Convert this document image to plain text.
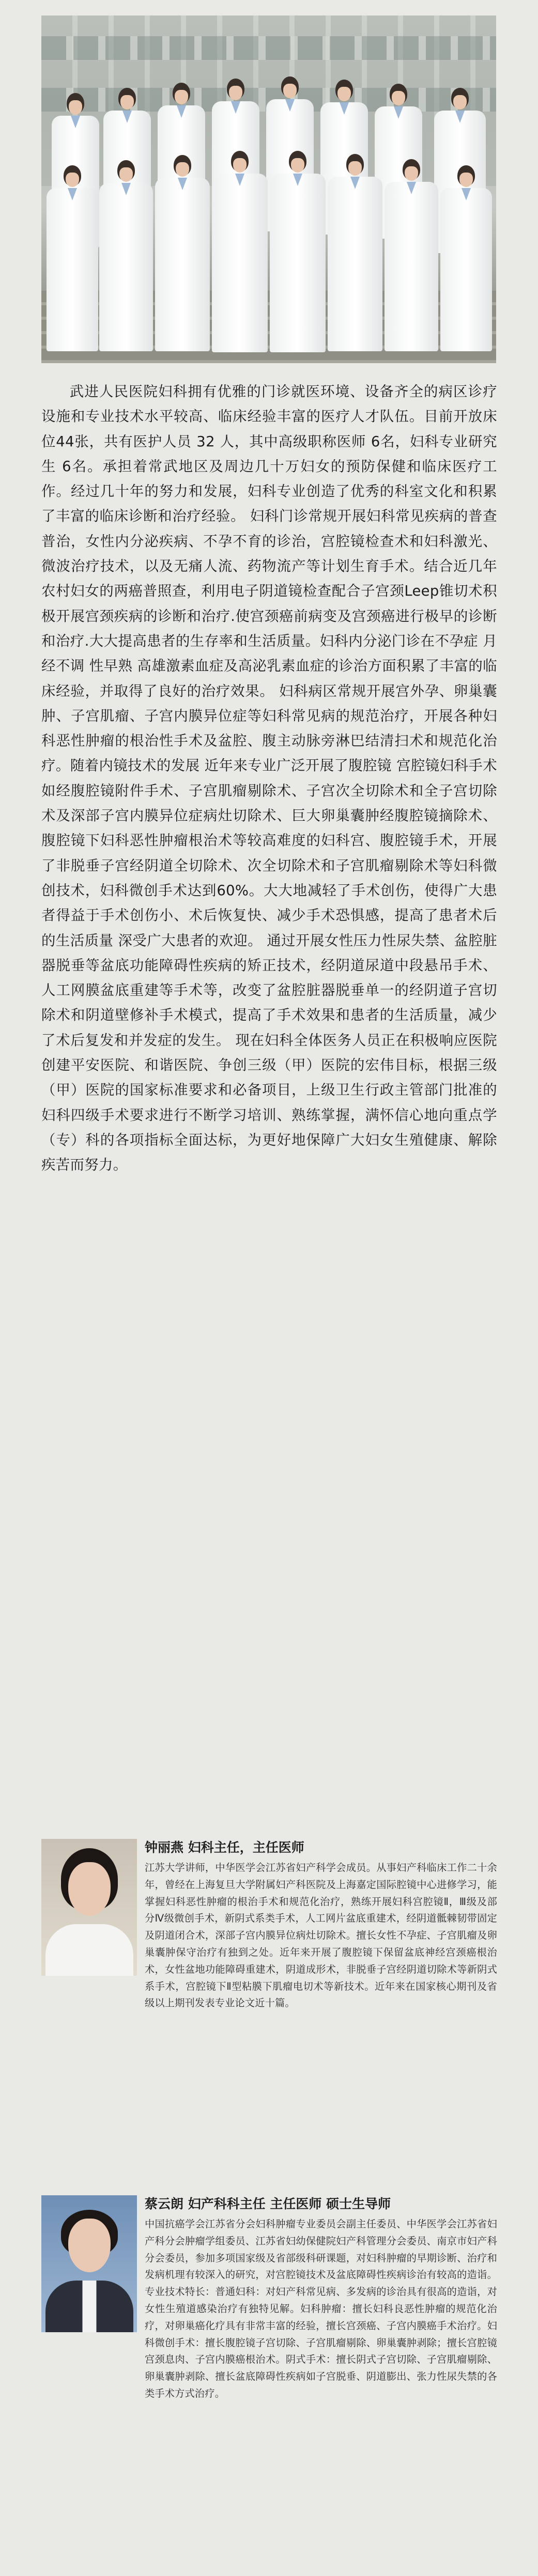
武进人民医院妇科拥有优雅的门诊就医环境、设备齐全的病区诊疗设施和专业技术水平较高、临床经验丰富的医疗人才队伍。目前开放床位44张，共有医护人员 32 人，其中高级职称医师 6名，妇科专业研究生 6名。承担着常武地区及周边几十万妇女的预防保健和临床医疗工作。经过几十年的努力和发展，妇科专业创造了优秀的科室文化和积累了丰富的临床诊断和治疗经验。 妇科门诊常规开展妇科常见疾病的普查普治，女性内分泌疾病、不孕不育的诊治，宫腔镜检查术和妇科激光、微波治疗技术，以及无痛人流、药物流产等计划生育手术。结合近几年农村妇女的两癌普照查，利用电子阴道镜检查配合子宫颈Leep锥切术积极开展宫颈疾病的诊断和治疗.使宫颈癌前病变及宫颈癌进行极早的诊断和治疗.大大提高患者的生存率和生活质量。妇科内分泌门诊在不孕症 月经不调 性早熟 高雄激素血症及高泌乳素血症的诊治方面积累了丰富的临床经验，并取得了良好的治疗效果。 妇科病区常规开展宫外孕、卵巢囊肿、子宫肌瘤、子宫内膜异位症等妇科常见病的规范治疗，开展各种妇科恶性肿瘤的根治性手术及盆腔、腹主动脉旁淋巴结清扫术和规范化治疗。随着内镜技术的发展 近年来专业广泛开展了腹腔镜 宫腔镜妇科手术 如经腹腔镜附件手术、子宫肌瘤剔除术、子宫次全切除术和全子宫切除术及深部子宫内膜异位症病灶切除术、巨大卵巢囊肿经腹腔镜摘除术、腹腔镜下妇科恶性肿瘤根治术等较高难度的妇科宫、腹腔镜手术，开展了非脱垂子宫经阴道全切除术、次全切除术和子宫肌瘤剔除术等妇科微创技术，妇科微创手术达到60%。大大地减轻了手术创伤，使得广大患者得益于手术创伤小、术后恢复快、减少手术恐惧感，提高了患者术后的生活质量 深受广大患者的欢迎。 通过开展女性压力性尿失禁、盆腔脏器脱垂等盆底功能障碍性疾病的矫正技术，经阴道尿道中段悬吊手术、人工网膜盆底重建等手术等，改变了盆腔脏器脱垂单一的经阴道子宫切除术和阴道壁修补手术模式，提高了手术效果和患者的生活质量，减少了术后复发和并发症的发生。 现在妇科全体医务人员正在积极响应医院创建平安医院、和谐医院、争创三级（甲）医院的宏伟目标，根据三级（甲）医院的国家标准要求和必备项目，上级卫生行政主管部门批准的妇科四级手术要求进行不断学习培训、熟练掌握，满怀信心地向重点学（专）科的各项指标全面达标，为更好地保障广大妇女生殖健康、解除疾苦而努力。

钟丽燕 妇科主任，主任医师

江苏大学讲师，中华医学会江苏省妇产科学会成员。从事妇产科临床工作二十余年，曾经在上海复旦大学附属妇产科医院及上海嘉定国际腔镜中心进修学习，能掌握妇科恶性肿瘤的根治手术和规范化治疗，熟练开展妇科宫腔镜Ⅱ，Ⅲ级及部分Ⅳ级微创手术，新阴式系类手术，人工网片盆底重建术，经阴道骶棘韧带固定及阴道闭合术，深部子宫内膜异位病灶切除术。擅长女性不孕症、子宫肌瘤及卵巢囊肿保守治疗有独到之处。近年来开展了腹腔镜下保留盆底神经宫颈癌根治术，女性盆地功能障碍重建术，阴道成形术，非脱垂子宫经阴道切除术等新阴式系手术，宫腔镜下Ⅱ型粘膜下肌瘤电切术等新技术。近年来在国家核心期刊及省级以上期刊发表专业论文近十篇。

蔡云朗 妇产科科主任 主任医师 硕士生导师

中国抗癌学会江苏省分会妇科肿瘤专业委员会副主任委员、中华医学会江苏省妇产科分会肿瘤学组委员、江苏省妇幼保健院妇产科管理分会委员、南京市妇产科分会委员，参加多项国家级及省部级科研课题，对妇科肿瘤的早期诊断、治疗和发病机理有较深入的研究，对宫腔镜技术及盆底障碍性疾病诊治有较高的造诣。 专业技术特长：普通妇科：对妇产科常见病、多发病的诊治具有很高的造诣，对女性生殖道感染治疗有独特见解。妇科肿瘤：擅长妇科良恶性肿瘤的规范化治疗，对卵巢癌化疗具有非常丰富的经验，擅长宫颈癌、子宫内膜癌手术治疗。妇科微创手术：擅长腹腔镜子宫切除、子宫肌瘤剔除、卵巢囊肿剥除；擅长宫腔镜宫颈息肉、子宫内膜癌根治术。阴式手术：擅长阴式子宫切除、子宫肌瘤剔除、卵巢囊肿剥除、擅长盆底障碍性疾病如子宫脱垂、阴道膨出、张力性尿失禁的各类手术方式治疗。
